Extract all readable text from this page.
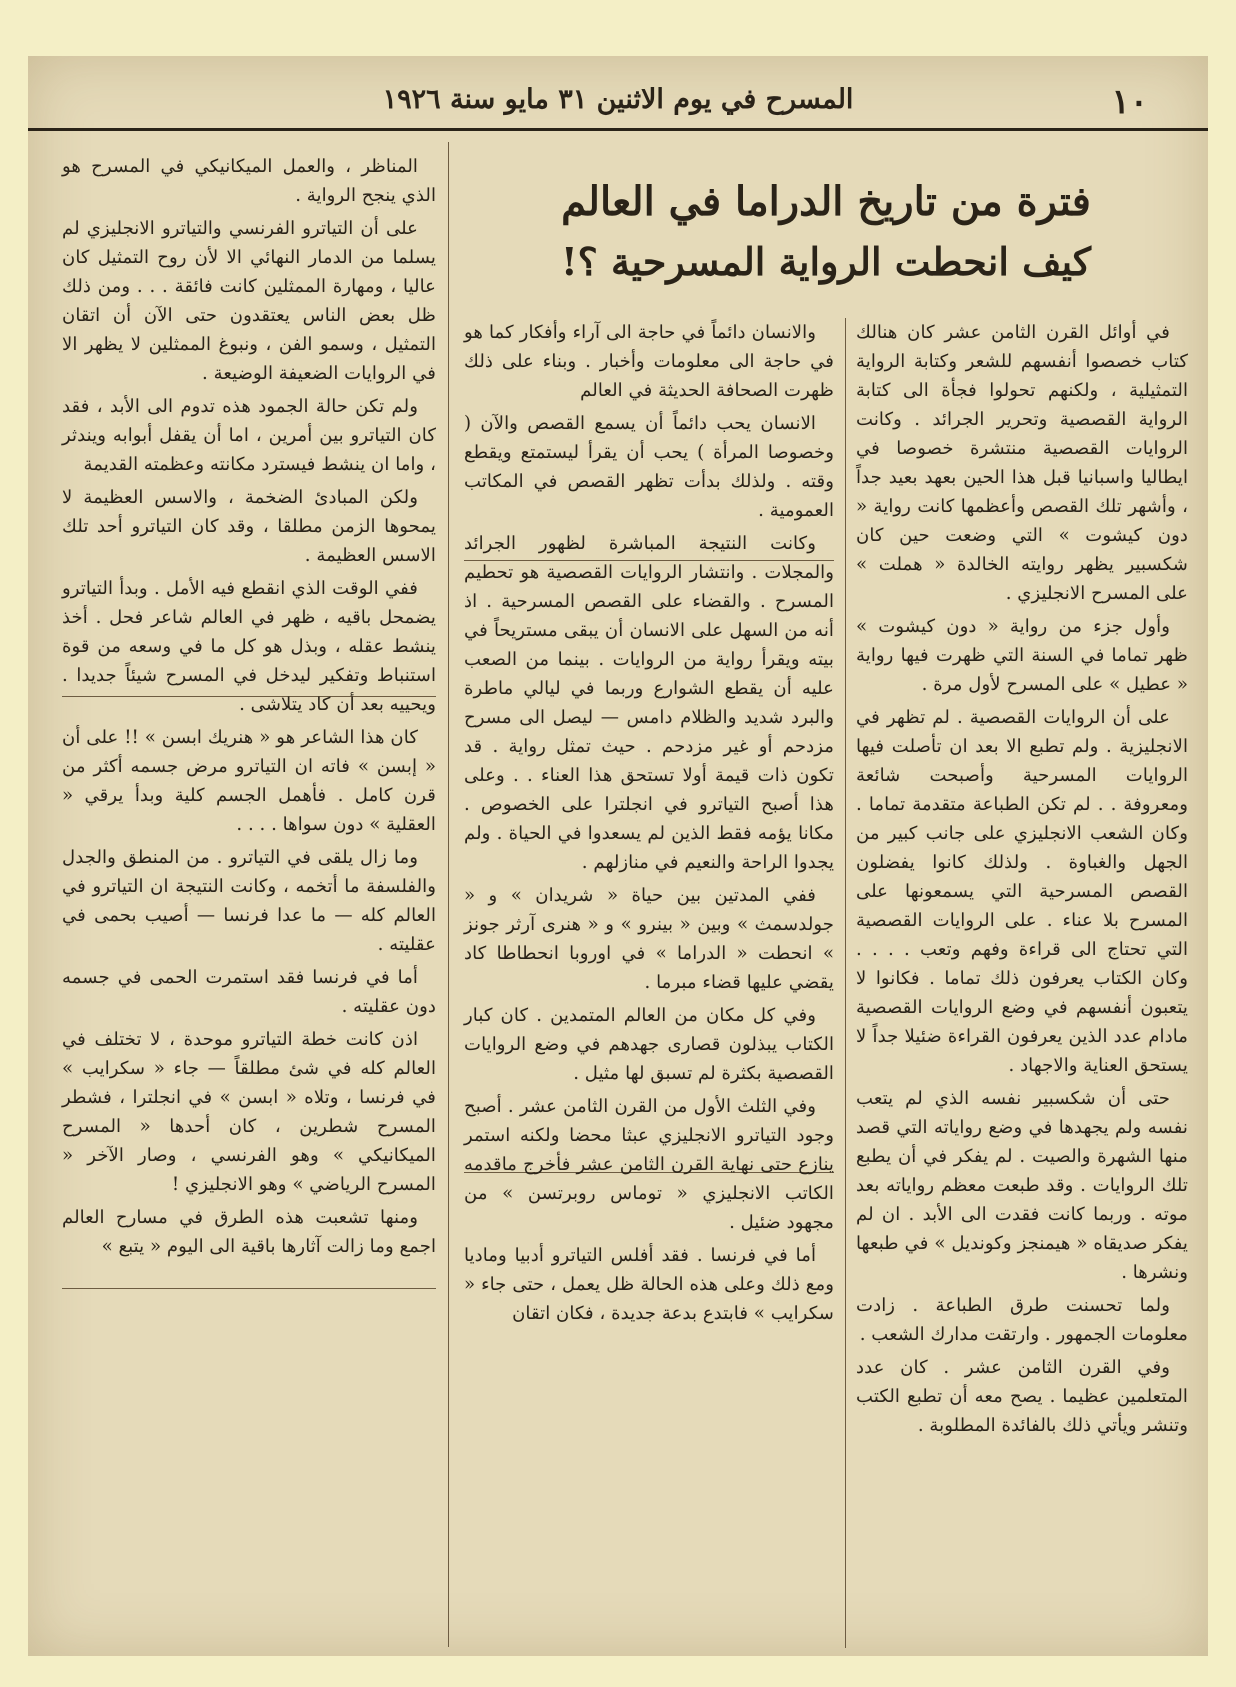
١٠
المسرح في يوم الاثنين ٣١ مايو سنة ١٩٢٦
فترة من تاريخ الدراما في العالم
كيف انحطت الرواية المسرحية ؟!

في أوائل القرن الثامن عشر كان هنالك كتاب خصصوا أنفسهم للشعر وكتابة الرواية التمثيلية ، ولكنهم تحولوا فجأة الى كتابة الرواية القصصية وتحرير الجرائد . وكانت الروايات القصصية منتشرة خصوصا في ايطاليا واسبانيا قبل هذا الحين بعهد بعيد جداً ، وأشهر تلك القصص وأعظمها كانت رواية « دون كيشوت » التي وضعت حين كان شكسبير يظهر روايته الخالدة « هملت » على المسرح الانجليزي .

وأول جزء من رواية « دون كيشوت » ظهر تماما في السنة التي ظهرت فيها رواية « عطيل » على المسرح لأول مرة .

على أن الروايات القصصية . لم تظهر في الانجليزية . ولم تطبع الا بعد ان تأصلت فيها الروايات المسرحية وأصبحت شائعة ومعروفة . . لم تكن الطباعة متقدمة تماما . وكان الشعب الانجليزي على جانب كبير من الجهل والغباوة . ولذلك كانوا يفضلون القصص المسرحية التي يسمعونها على المسرح بلا عناء . على الروايات القصصية التي تحتاج الى قراءة وفهم وتعب . . . . وكان الكتاب يعرفون ذلك تماما . فكانوا لا يتعبون أنفسهم في وضع الروايات القصصية مادام عدد الذين يعرفون القراءة ضئيلا جداً لا يستحق العناية والاجهاد .

حتى أن شكسبير نفسه الذي لم يتعب نفسه ولم يجهدها في وضع رواياته التي قصد منها الشهرة والصيت . لم يفكر في أن يطبع تلك الروايات . وقد طبعت معظم رواياته بعد موته . وربما كانت فقدت الى الأبد . ان لم يفكر صديقاه « هيمنجز وكونديل » في طبعها ونشرها .

ولما تحسنت طرق الطباعة . زادت معلومات الجمهور . وارتقت مدارك الشعب .

وفي القرن الثامن عشر . كان عدد المتعلمين عظيما . يصح معه أن تطبع الكتب وتنشر ويأتي ذلك بالفائدة المطلوبة .

والانسان دائماً في حاجة الى آراء وأفكار كما هو في حاجة الى معلومات وأخبار . وبناء على ذلك ظهرت الصحافة الحديثة في العالم

الانسان يحب دائماً أن يسمع القصص والآن ( وخصوصا المرأة ) يحب أن يقرأ ليستمتع ويقطع وقته . ولذلك بدأت تظهر القصص في المكاتب العمومية .

وكانت النتيجة المباشرة لظهور الجرائد والمجلات . وانتشار الروايات القصصية هو تحطيم المسرح . والقضاء على القصص المسرحية . اذ أنه من السهل على الانسان أن يبقى مستريحاً في بيته ويقرأ رواية من الروايات . بينما من الصعب عليه أن يقطع الشوارع وربما في ليالي ماطرة والبرد شديد والظلام دامس — ليصل الى مسرح مزدحم أو غير مزدحم . حيث تمثل رواية . قد تكون ذات قيمة أولا تستحق هذا العناء . . وعلى هذا أصبح التياترو في انجلترا على الخصوص . مكانا يؤمه فقط الذين لم يسعدوا في الحياة . ولم يجدوا الراحة والنعيم في منازلهم .

ففي المدتين بين حياة « شريدان » و « جولدسمث » وبين « بينرو » و « هنرى آرثر جونز » انحطت « الدراما » في اوروبا انحطاطا كاد يقضي عليها قضاء مبرما .

وفي كل مكان من العالم المتمدين . كان كبار الكتاب يبذلون قصارى جهدهم في وضع الروايات القصصية بكثرة لم تسبق لها مثيل .

وفي الثلث الأول من القرن الثامن عشر . أصبح وجود التياترو الانجليزي عبثا محضا ولكنه استمر ينازع حتى نهاية القرن الثامن عشر فأخرج ماقدمه الكاتب الانجليزي « توماس روبرتسن » من مجهود ضئيل .

أما في فرنسا . فقد أفلس التياترو أدبيا وماديا ومع ذلك وعلى هذه الحالة ظل يعمل ، حتى جاء « سكرايب » فابتدع بدعة جديدة ، فكان اتقان

المناظر ، والعمل الميكانيكي في المسرح هو الذي ينجح الرواية .

على أن التياترو الفرنسي والتياترو الانجليزي لم يسلما من الدمار النهائي الا لأن روح التمثيل كان عاليا ، ومهارة الممثلين كانت فائقة . . . ومن ذلك ظل بعض الناس يعتقدون حتى الآن أن اتقان التمثيل ، وسمو الفن ، ونبوغ الممثلين لا يظهر الا في الروايات الضعيفة الوضيعة .

ولم تكن حالة الجمود هذه تدوم الى الأبد ، فقد كان التياترو بين أمرين ، اما أن يقفل أبوابه ويندثر ، واما ان ينشط فيسترد مكانته وعظمته القديمة

ولكن المبادئ الضخمة ، والاسس العظيمة لا يمحوها الزمن مطلقا ، وقد كان التياترو أحد تلك الاسس العظيمة .

ففي الوقت الذي انقطع فيه الأمل . وبدأ التياترو يضمحل باقيه ، ظهر في العالم شاعر فحل . أخذ ينشط عقله ، وبذل هو كل ما في وسعه من قوة استنباط وتفكير ليدخل في المسرح شيئاً جديدا . ويحييه بعد أن كاد يتلاشى .

كان هذا الشاعر هو « هنريك ابسن » !! على أن « إبسن » فاته ان التياترو مرض جسمه أكثر من قرن كامل . فأهمل الجسم كلية وبدأ يرقي « العقلية » دون سواها . . . .

وما زال يلقى في التياترو . من المنطق والجدل والفلسفة ما أتخمه ، وكانت النتيجة ان التياترو في العالم كله — ما عدا فرنسا — أصيب بحمى في عقليته .

أما في فرنسا فقد استمرت الحمى في جسمه دون عقليته .

اذن كانت خطة التياترو موحدة ، لا تختلف في العالم كله في شئ مطلقاً — جاء « سكرايب » في فرنسا ، وتلاه « ابسن » في انجلترا ، فشطر المسرح شطرين ، كان أحدها « المسرح الميكانيكي » وهو الفرنسي ، وصار الآخر « المسرح الرياضي » وهو الانجليزي !

ومنها تشعبت هذه الطرق في مسارح العالم اجمع وما زالت آثارها باقية الى اليوم « يتبع »
